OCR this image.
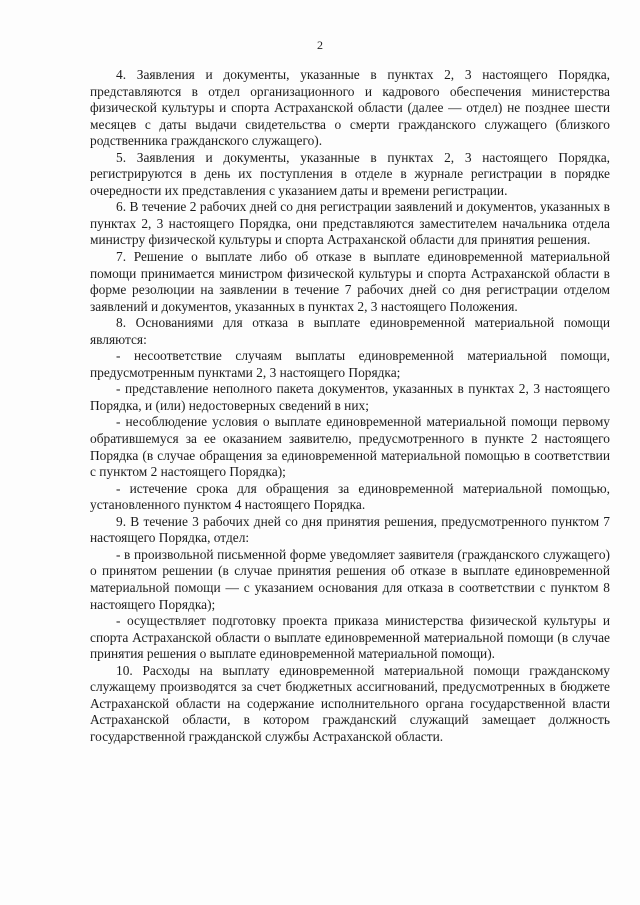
2

4. Заявления и документы, указанные в пунктах 2, 3 настоящего Порядка, представляются в отдел организационного и кадрового обеспечения министерства физической культуры и спорта Астраханской области (далее — отдел) не позднее шести месяцев с даты выдачи свидетельства о смерти гражданского служащего (близкого родственника гражданского служащего).

5. Заявления и документы, указанные в пунктах 2, 3 настоящего Порядка, регистрируются в день их поступления в отделе в журнале регистрации в порядке очередности их представления с указанием даты и времени регистрации.

6. В течение 2 рабочих дней со дня регистрации заявлений и документов, указанных в пунктах 2, 3 настоящего Порядка, они представляются заместителем начальника отдела министру физической культуры и спорта Астраханской области для принятия решения.

7. Решение о выплате либо об отказе в выплате единовременной материальной помощи принимается министром физической культуры и спорта Астраханской области в форме резолюции на заявлении в течение 7 рабочих дней со дня регистрации отделом заявлений и документов, указанных в пунктах 2, 3 настоящего Положения.

8. Основаниями для отказа в выплате единовременной материальной помощи являются:

- несоответствие случаям выплаты единовременной материальной помощи, предусмотренным пунктами 2, 3 настоящего Порядка;

- представление неполного пакета документов, указанных в пунктах 2, 3 настоящего Порядка, и (или) недостоверных сведений в них;

- несоблюдение условия о выплате единовременной материальной помощи первому обратившемуся за ее оказанием заявителю, предусмотренного в пункте 2 настоящего Порядка (в случае обращения за единовременной материальной помощью в соответствии с пунктом 2 настоящего Порядка);

- истечение срока для обращения за единовременной материальной помощью, установленного пунктом 4 настоящего Порядка.

9. В течение 3 рабочих дней со дня принятия решения, предусмотренного пунктом 7 настоящего Порядка, отдел:

- в произвольной письменной форме уведомляет заявителя (гражданского служащего) о принятом решении (в случае принятия решения об отказе в выплате единовременной материальной помощи — с указанием основания для отказа в соответствии с пунктом 8 настоящего Порядка);

- осуществляет подготовку проекта приказа министерства физической культуры и спорта Астраханской области о выплате единовременной материальной помощи (в случае принятия решения о выплате единовременной материальной помощи).

10. Расходы на выплату единовременной материальной помощи гражданскому служащему производятся за счет бюджетных ассигнований, предусмотренных в бюджете Астраханской области на содержание исполнительного органа государственной власти Астраханской области, в котором гражданский служащий замещает должность государственной гражданской службы Астраханской области.
